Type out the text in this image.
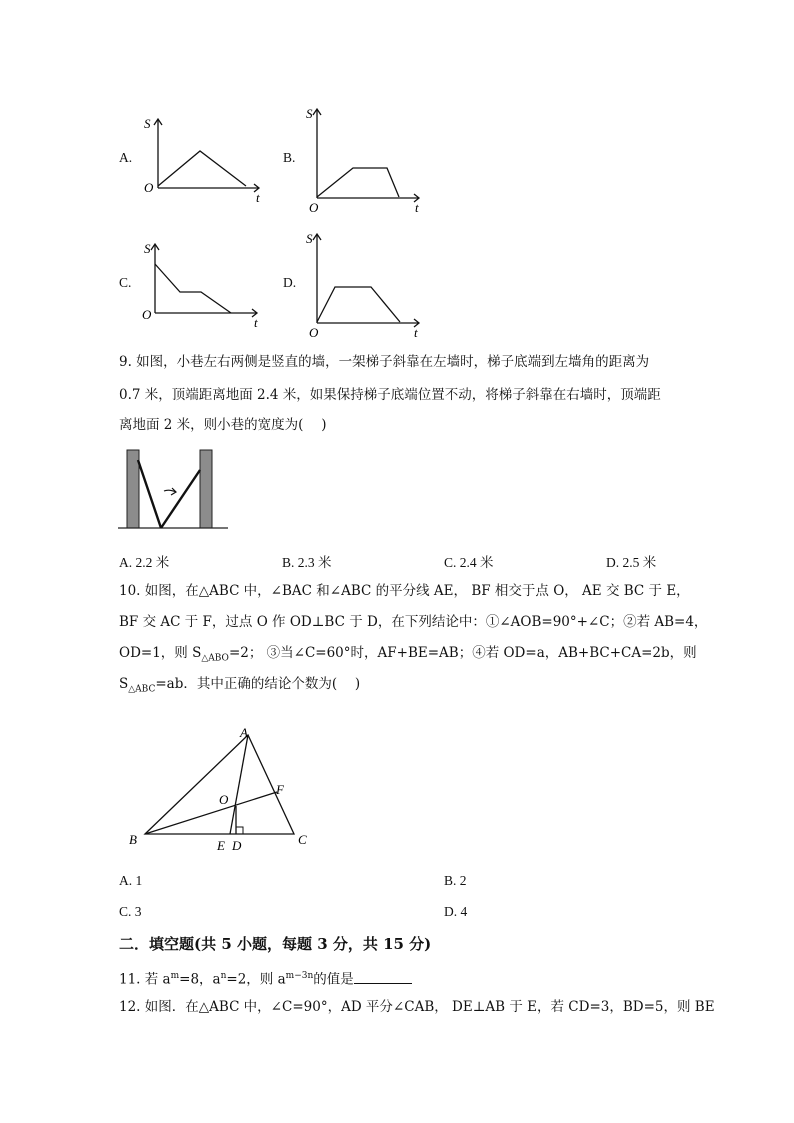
A.
S
t
O
B.
S
t
O
C.
S
t
O
D.
S
t
O
9. 如图，小巷左右两侧是竖直的墙，一架梯子斜靠在左墙时，梯子底端到左墙角的距离为
0.7 米，顶端距离地面 2.4 米，如果保持梯子底端位置不动，将梯子斜靠在右墙时，顶端距
离地面 2 米，则小巷的宽度为(　 )
A. 2.2 米	B. 2.3 米	C. 2.4 米	D. 2.5 米
10. 如图，在△ABC 中，∠BAC 和∠ABC 的平分线 AE， BF 相交于点 O， AE 交 BC 于 E，
BF 交 AC 于 F，过点 O 作 OD⊥BC 于 D，在下列结论中：①∠AOB=90°+∠C；②若 AB=4，
OD=1，则 $S_{\triangle ABO}=2$； ③当∠C=60°时，AF+BE=AB；④若 OD=a，AB+BC+CA=2b，则
$S_{\triangle ABC}=ab$．其中正确的结论个数为(　 )
A
B	C
O
F
E D
A. 1	B. 2
C. 3	D. 4
二．填空题(共 5 小题，每题 3 分，共 15 分)
11. 若 $a^m=8$，$a^n=2$，则 $a^{m-3n}$的值是
12. 如图．在△ABC 中，∠C=90°，AD 平分∠CAB， DE⊥AB 于 E，若 CD=3，BD=5，则 BE
